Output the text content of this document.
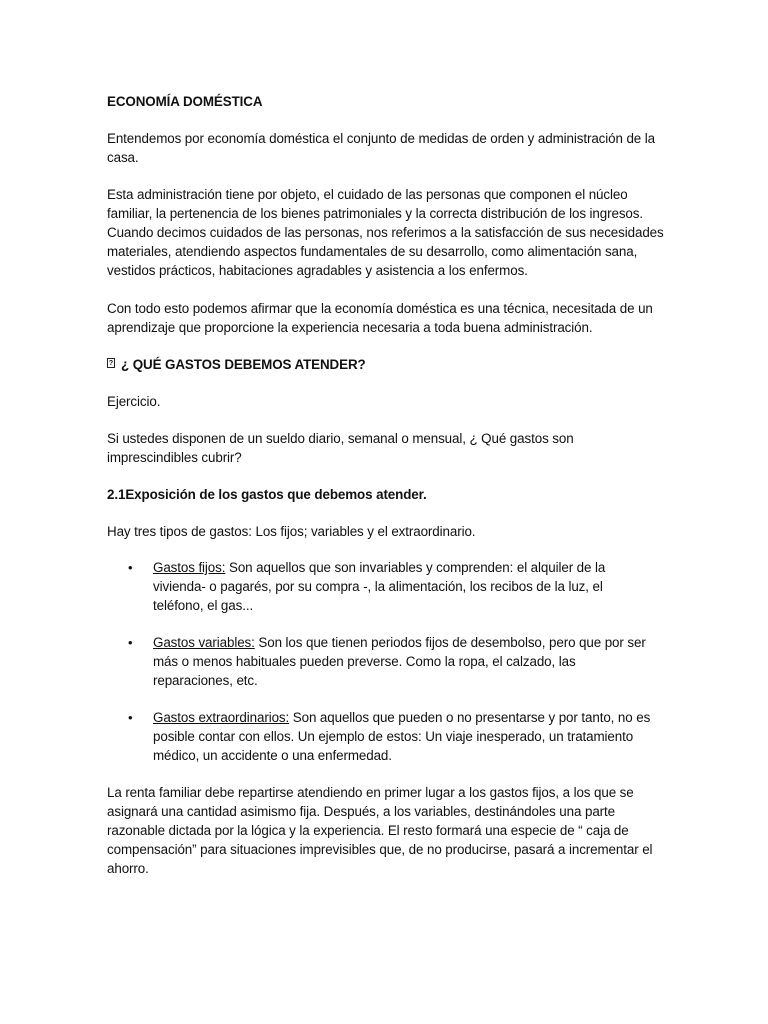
ECONOMÍA DOMÉSTICA

Entendemos por economía doméstica el conjunto de medidas de orden y administración de la casa.

Esta administración tiene por objeto, el cuidado de las personas que componen el núcleo familiar, la pertenencia de los bienes patrimoniales y la correcta distribución de los ingresos. Cuando decimos cuidados de las personas, nos referimos a la satisfacción de sus necesidades materiales, atendiendo aspectos fundamentales de su desarrollo, como alimentación sana, vestidos prácticos, habitaciones agradables y asistencia a los enfermos.

Con todo esto podemos afirmar que la economía doméstica es una técnica, necesitada de un aprendizaje que proporcione la experiencia necesaria a toda buena administración.

? ¿ QUÉ GASTOS DEBEMOS ATENDER?

Ejercicio.

Si ustedes disponen de un sueldo diario, semanal o mensual, ¿ Qué gastos son imprescindibles cubrir?

2.1Exposición de los gastos que debemos atender.

Hay tres tipos de gastos: Los fijos; variables y el extraordinario.

• Gastos fijos: Son aquellos que son invariables y comprenden: el alquiler de la vivienda- o pagarés, por su compra -, la alimentación, los recibos de la luz, el teléfono, el gas...
• Gastos variables: Son los que tienen periodos fijos de desembolso, pero que por ser más o menos habituales pueden preverse. Como la ropa, el calzado, las reparaciones, etc.
• Gastos extraordinarios: Son aquellos que pueden o no presentarse y por tanto, no es posible contar con ellos. Un ejemplo de estos: Un viaje inesperado, un tratamiento médico, un accidente o una enfermedad.

La renta familiar debe repartirse atendiendo en primer lugar a los gastos fijos, a los que se asignará una cantidad asimismo fija. Después, a los variables, destinándoles una parte razonable dictada por la lógica y la experiencia. El resto formará una especie de “ caja de compensación” para situaciones imprevisibles que, de no producirse, pasará a incrementar el ahorro.
